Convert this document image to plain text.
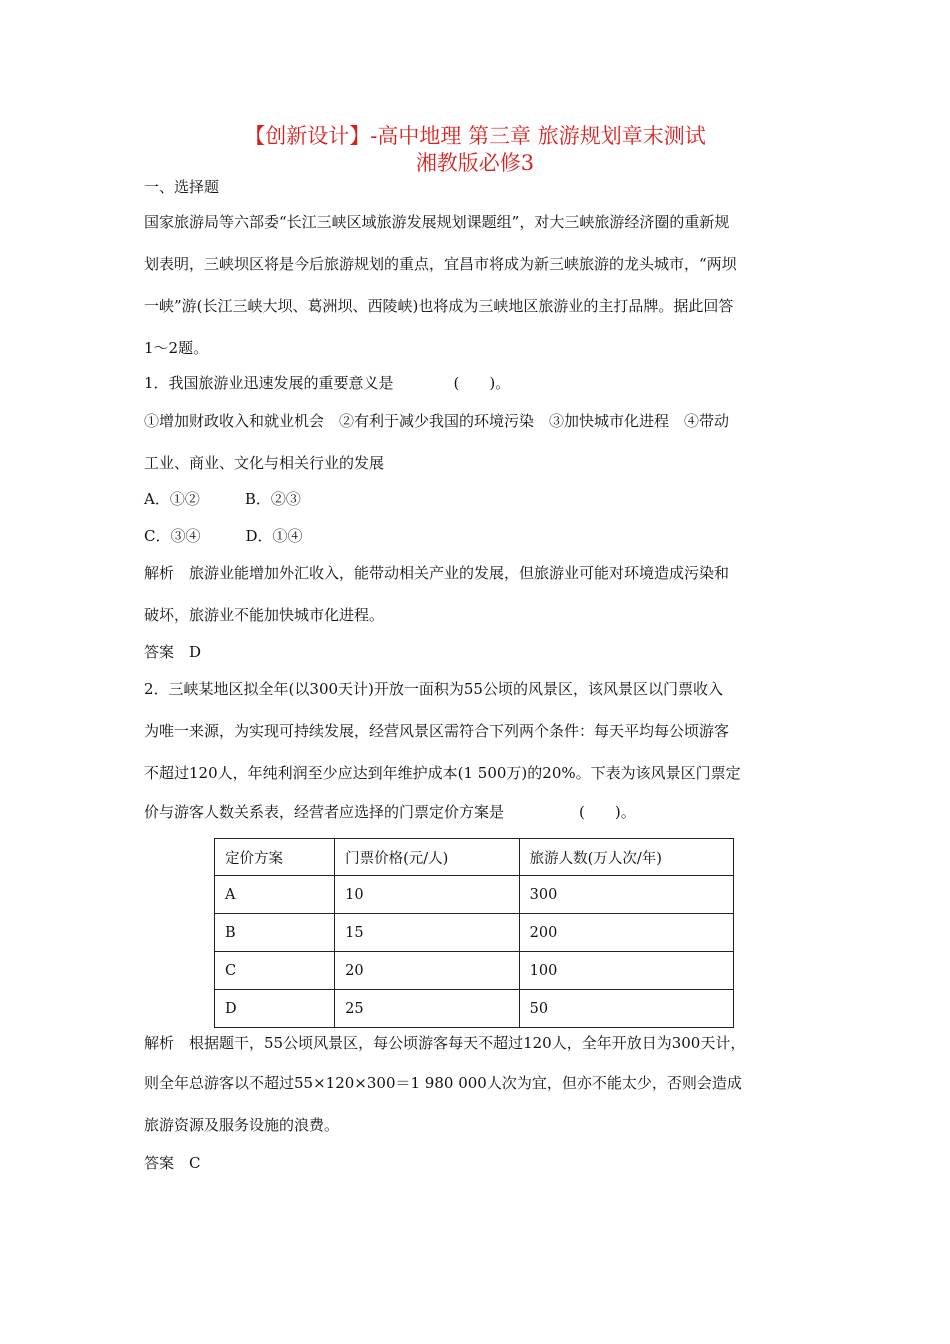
【创新设计】-高中地理 第三章 旅游规划章末测试
湘教版必修3
一、选择题
国家旅游局等六部委“长江三峡区域旅游发展规划课题组”，对大三峡旅游经济圈的重新规
划表明，三峡坝区将是今后旅游规划的重点，宜昌市将成为新三峡旅游的龙头城市，“两坝
一峡”游(长江三峡大坝、葛洲坝、西陵峡)也将成为三峡地区旅游业的主打品牌。据此回答
1～2题。
1．我国旅游业迅速发展的重要意义是　　　　(　　)。
①增加财政收入和就业机会　②有利于减少我国的环境污染　③加快城市化进程　④带动
工业、商业、文化与相关行业的发展
A．①②　　　B．②③
C．③④　　　D．①④
解析　旅游业能增加外汇收入，能带动相关产业的发展，但旅游业可能对环境造成污染和
破坏，旅游业不能加快城市化进程。
答案　D
2．三峡某地区拟全年(以300天计)开放一面积为55公顷的风景区，该风景区以门票收入
为唯一来源，为实现可持续发展，经营风景区需符合下列两个条件：每天平均每公顷游客
不超过120人，年纯利润至少应达到年维护成本(1 500万)的20%。下表为该风景区门票定
价与游客人数关系表，经营者应选择的门票定价方案是　　　　　(　　)。
定价方案	门票价格(元/人)	旅游人数(万人次/年)
A	10	300
B	15	200
C	20	100
D	25	50
解析　根据题干，55公顷风景区，每公顷游客每天不超过120人，全年开放日为300天计，
则全年总游客以不超过55×120×300＝1 980 000人次为宜，但亦不能太少，否则会造成
旅游资源及服务设施的浪费。
答案　C
